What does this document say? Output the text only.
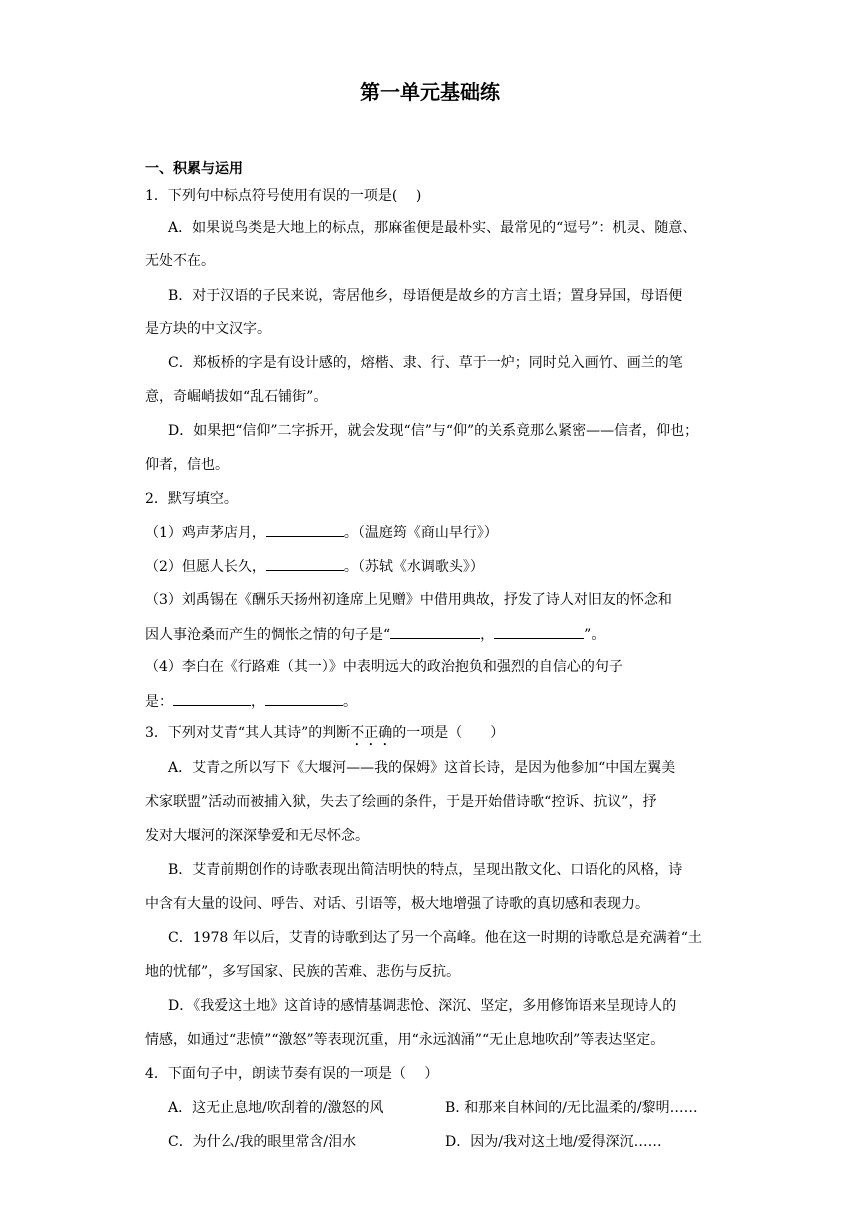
第一单元基础练
一、积累与运用
1．下列句中标点符号使用有误的一项是(　 )
A．如果说鸟类是大地上的标点，那麻雀便是最朴实、最常见的“逗号”：机灵、随意、
无处不在。
B．对于汉语的子民来说，寄居他乡，母语便是故乡的方言土语；置身异国，母语便
是方块的中文汉字。
C．郑板桥的字是有设计感的，熔楷、隶、行、草于一炉；同时兑入画竹、画兰的笔
意，奇崛峭拔如“乱石铺街”。
D．如果把“信仰”二字拆开，就会发现“信”与“仰”的关系竟那么紧密——信者，仰也；
仰者，信也。
2．默写填空。
（1）鸡声茅店月，	。（温庭筠《商山早行》）
（2）但愿人长久，	。（苏轼《水调歌头》）
（3）刘禹锡在《酬乐天扬州初逢席上见赠》中借用典故，抒发了诗人对旧友的怀念和
因人事沧桑而产生的惆怅之情的句子是“	，	”。
（4）李白在《行路难（其一）》中表明远大的政治抱负和强烈的自信心的句子
是：	，	。
3．下列对艾青“其人其诗”的判断不正确的一项是（　　）
A．艾青之所以写下《大堰河——我的保姆》这首长诗，是因为他参加“中国左翼美
术家联盟”活动而被捕入狱，失去了绘画的条件，于是开始借诗歌“控诉、抗议”，抒
发对大堰河的深深挚爱和无尽怀念。
B．艾青前期创作的诗歌表现出简洁明快的特点，呈现出散文化、口语化的风格，诗
中含有大量的设问、呼告、对话、引语等，极大地增强了诗歌的真切感和表现力。
C．1978 年以后，艾青的诗歌到达了另一个高峰。他在这一时期的诗歌总是充满着“土
地的忧郁”，多写国家、民族的苦难、悲伤与反抗。
D．《我爱这土地》这首诗的感情基调悲怆、深沉、坚定，多用修饰语来呈现诗人的
情感，如通过“悲愤”“激怒”等表现沉重，用“永远汹涌”“无止息地吹刮”等表达坚定。
4．下面句子中，朗读节奏有误的一项是（　 ）
A．这无止息地/吹刮着的/激怒的风	B. 和那来自林间的/无比温柔的/黎明……
C．为什么/我的眼里常含/泪水	D．因为/我对这土地/爱得深沉……
